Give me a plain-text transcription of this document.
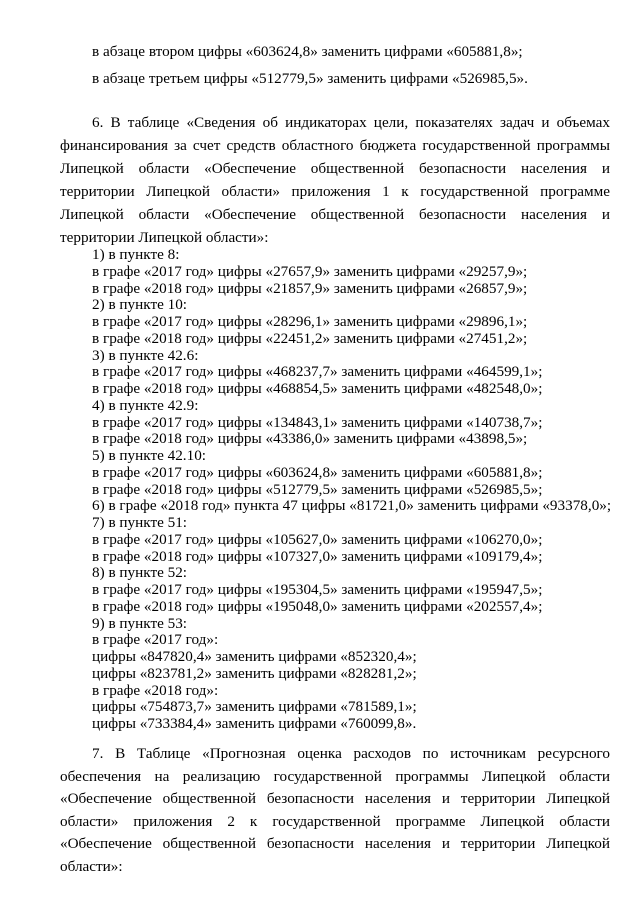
в абзаце втором цифры «603624,8» заменить цифрами «605881,8»;
в абзаце третьем цифры «512779,5» заменить цифрами «526985,5».
6. В таблице «Сведения об индикаторах цели, показателях задач и объемах
финансирования за счет средств областного бюджета государственной программы
Липецкой области «Обеспечение общественной безопасности населения и
территории Липецкой области» приложения 1 к государственной программе
Липецкой области «Обеспечение общественной безопасности населения и
территории Липецкой области»:
1) в пункте 8:
в графе «2017 год» цифры «27657,9» заменить цифрами «29257,9»;
в графе «2018 год» цифры «21857,9» заменить цифрами «26857,9»;
2) в пункте 10:
в графе «2017 год» цифры «28296,1» заменить цифрами «29896,1»;
в графе «2018 год» цифры «22451,2» заменить цифрами «27451,2»;
3) в пункте 42.6:
в графе «2017 год» цифры «468237,7» заменить цифрами «464599,1»;
в графе «2018 год» цифры «468854,5» заменить цифрами «482548,0»;
4) в пункте 42.9:
в графе «2017 год» цифры «134843,1» заменить цифрами «140738,7»;
в графе «2018 год» цифры «43386,0» заменить цифрами «43898,5»;
5) в пункте 42.10:
в графе «2017 год» цифры «603624,8» заменить цифрами «605881,8»;
в графе «2018 год» цифры «512779,5» заменить цифрами «526985,5»;
6) в графе «2018 год» пункта 47 цифры «81721,0» заменить цифрами «93378,0»;
7) в пункте 51:
в графе «2017 год» цифры «105627,0» заменить цифрами «106270,0»;
в графе «2018 год» цифры «107327,0» заменить цифрами «109179,4»;
8) в пункте 52:
в графе «2017 год» цифры «195304,5» заменить цифрами «195947,5»;
в графе «2018 год» цифры «195048,0» заменить цифрами «202557,4»;
9) в пункте 53:
в графе «2017 год»:
цифры «847820,4» заменить цифрами «852320,4»;
цифры «823781,2» заменить цифрами «828281,2»;
в графе «2018 год»:
цифры «754873,7» заменить цифрами «781589,1»;
цифры «733384,4» заменить цифрами «760099,8».
7. В Таблице «Прогнозная оценка расходов по источникам ресурсного
обеспечения на реализацию государственной программы Липецкой области
«Обеспечение общественной безопасности населения и территории Липецкой
области» приложения 2 к государственной программе Липецкой области
«Обеспечение общественной безопасности населения и территории Липецкой
области»:
